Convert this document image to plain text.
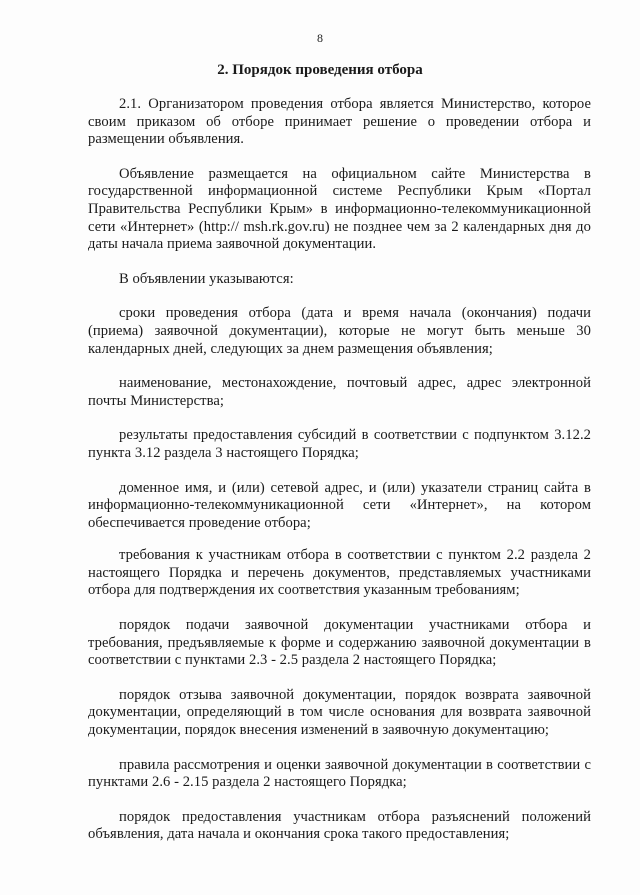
8
2. Порядок проведения отбора

2.1. Организатором проведения отбора является Министерство, которое своим приказом об отборе принимает решение о проведении отбора и размещении объявления.

Объявление размещается на официальном сайте Министерства в государственной информационной системе Республики Крым «Портал Правительства Республики Крым» в информационно-телекоммуникационной сети «Интернет» (http:// msh.rk.gov.ru) не позднее чем за 2 календарных дня до даты начала приема заявочной документации.

В объявлении указываются:

сроки проведения отбора (дата и время начала (окончания) подачи (приема) заявочной документации), которые не могут быть меньше 30 календарных дней, следующих за днем размещения объявления;

наименование, местонахождение, почтовый адрес, адрес электронной почты Министерства;

результаты предоставления субсидий в соответствии с подпунктом 3.12.2 пункта 3.12 раздела 3 настоящего Порядка;

доменное имя, и (или) сетевой адрес, и (или) указатели страниц сайта в информационно-телекоммуникационной сети «Интернет», на котором обеспечивается проведение отбора;

требования к участникам отбора в соответствии с пунктом 2.2 раздела 2 настоящего Порядка и перечень документов, представляемых участниками отбора для подтверждения их соответствия указанным требованиям;

порядок подачи заявочной документации участниками отбора и требования, предъявляемые к форме и содержанию заявочной документации в соответствии с пунктами 2.3 - 2.5 раздела 2 настоящего Порядка;

порядок отзыва заявочной документации, порядок возврата заявочной документации, определяющий в том числе основания для возврата заявочной документации, порядок внесения изменений в заявочную документацию;

правила рассмотрения и оценки заявочной документации в соответствии с пунктами 2.6 - 2.15 раздела 2 настоящего Порядка;

порядок предоставления участникам отбора разъяснений положений объявления, дата начала и окончания срока такого предоставления;
